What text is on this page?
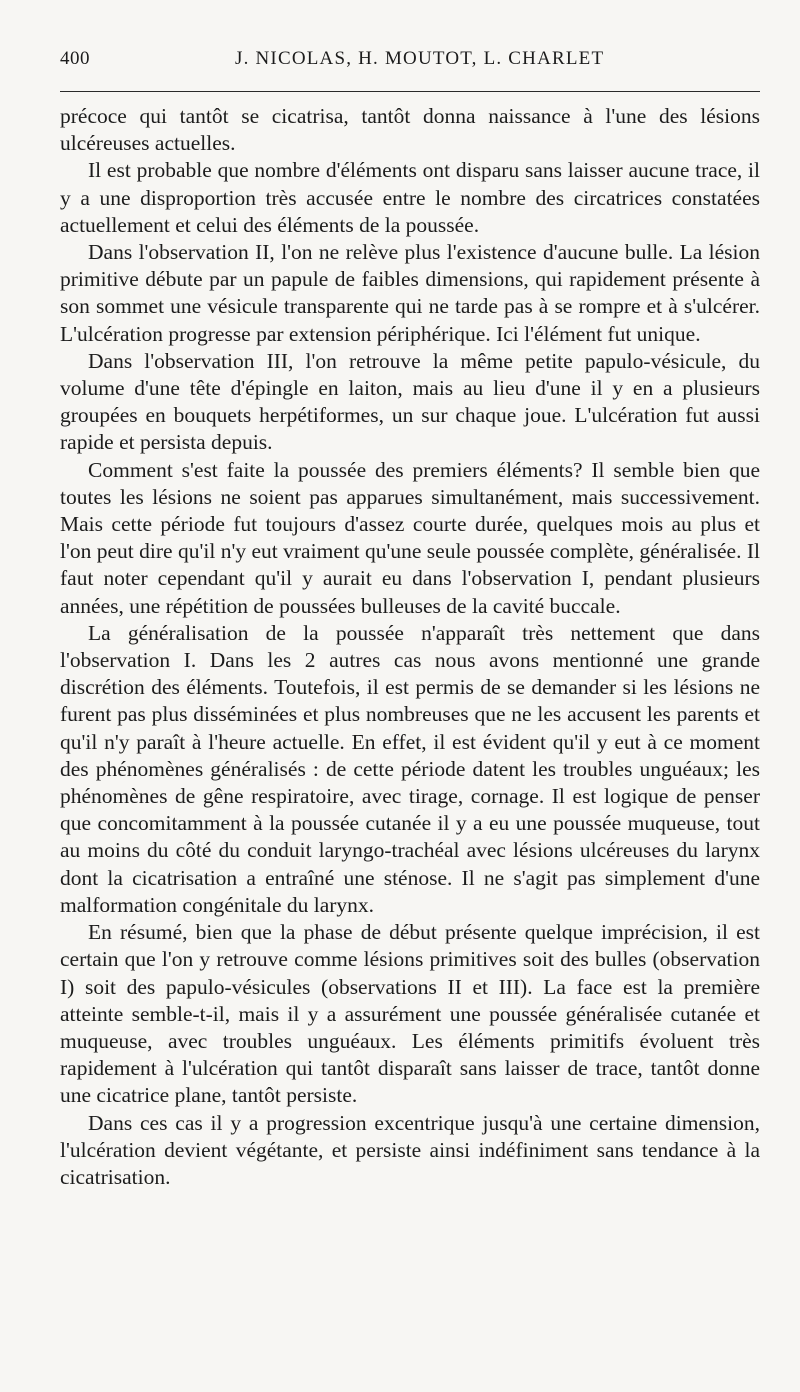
400	J. NICOLAS, H. MOUTOT, L. CHARLET

précoce qui tantôt se cicatrisa, tantôt donna naissance à l'une des lésions ulcéreuses actuelles.

Il est probable que nombre d'éléments ont disparu sans laisser aucune trace, il y a une disproportion très accusée entre le nombre des circatrices constatées actuellement et celui des éléments de la poussée.

Dans l'observation II, l'on ne relève plus l'existence d'aucune bulle. La lésion primitive débute par un papule de faibles dimensions, qui rapidement présente à son sommet une vésicule transparente qui ne tarde pas à se rompre et à s'ulcérer. L'ulcération progresse par extension périphérique. Ici l'élément fut unique.

Dans l'observation III, l'on retrouve la même petite papulo-vésicule, du volume d'une tête d'épingle en laiton, mais au lieu d'une il y en a plusieurs groupées en bouquets herpétiformes, un sur chaque joue. L'ulcération fut aussi rapide et persista depuis.

Comment s'est faite la poussée des premiers éléments? Il semble bien que toutes les lésions ne soient pas apparues simultanément, mais successivement. Mais cette période fut toujours d'assez courte durée, quelques mois au plus et l'on peut dire qu'il n'y eut vraiment qu'une seule poussée complète, généralisée. Il faut noter cependant qu'il y aurait eu dans l'observation I, pendant plusieurs années, une répétition de poussées bulleuses de la cavité buccale.

La généralisation de la poussée n'apparaît très nettement que dans l'observation I. Dans les 2 autres cas nous avons mentionné une grande discrétion des éléments. Toutefois, il est permis de se demander si les lésions ne furent pas plus disséminées et plus nombreuses que ne les accusent les parents et qu'il n'y paraît à l'heure actuelle. En effet, il est évident qu'il y eut à ce moment des phénomènes généralisés : de cette période datent les troubles unguéaux; les phénomènes de gêne respiratoire, avec tirage, cornage. Il est logique de penser que concomitamment à la poussée cutanée il y a eu une poussée muqueuse, tout au moins du côté du conduit laryngo-trachéal avec lésions ulcéreuses du larynx dont la cicatrisation a entraîné une sténose. Il ne s'agit pas simplement d'une malformation congénitale du larynx.

En résumé, bien que la phase de début présente quelque imprécision, il est certain que l'on y retrouve comme lésions primitives soit des bulles (observation I) soit des papulo-vésicules (observations II et III). La face est la première atteinte semble-t-il, mais il y a assurément une poussée généralisée cutanée et muqueuse, avec troubles unguéaux. Les éléments primitifs évoluent très rapidement à l'ulcération qui tantôt disparaît sans laisser de trace, tantôt donne une cicatrice plane, tantôt persiste.

Dans ces cas il y a progression excentrique jusqu'à une certaine dimension, l'ulcération devient végétante, et persiste ainsi indéfiniment sans tendance à la cicatrisation.
